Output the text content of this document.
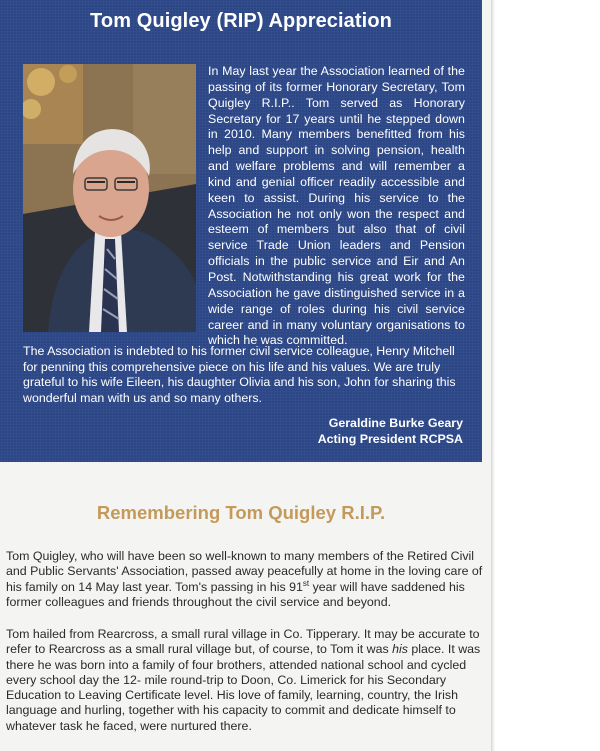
Tom Quigley (RIP) Appreciation
In May last year the Association learned of the passing of its former Honorary Secretary, Tom Quigley R.I.P.. Tom served as Honorary Secretary for 17 years until he stepped down in 2010. Many members benefitted from his help and support in solving pension, health and welfare problems and will remember a kind and genial officer readily accessible and keen to assist. During his service to the Association he not only won the respect and esteem of members but also that of civil service Trade Union leaders and Pension officials in the public service and Eir and An Post. Notwithstanding his great work for the Association he gave distinguished service in a wide range of roles during his civil service career and in many voluntary organisations to which he was committed.
The Association is indebted to his former civil service colleague, Henry Mitchell for penning this comprehensive piece on his life and his values. We are truly grateful to his wife Eileen, his daughter Olivia and his son, John for sharing this wonderful man with us and so many others.
Geraldine Burke Geary
Acting President RCPSA
Remembering Tom Quigley R.I.P.
Tom Quigley, who will have been so well-known to many members of the Retired Civil and Public Servants' Association, passed away peacefully at home in the loving care of his family on 14 May last year. Tom's passing in his 91st year will have saddened his former colleagues and friends throughout the civil service and beyond.
Tom hailed from Rearcross, a small rural village in Co. Tipperary. It may be accurate to refer to Rearcross as a small rural village but, of course, to Tom it was his place. It was there he was born into a family of four brothers, attended national school and cycled every school day the 12- mile round-trip to Doon, Co. Limerick for his Secondary Education to Leaving Certificate level. His love of family, learning, country, the Irish language and hurling, together with his capacity to commit and dedicate himself to whatever task he faced, were nurtured there.
